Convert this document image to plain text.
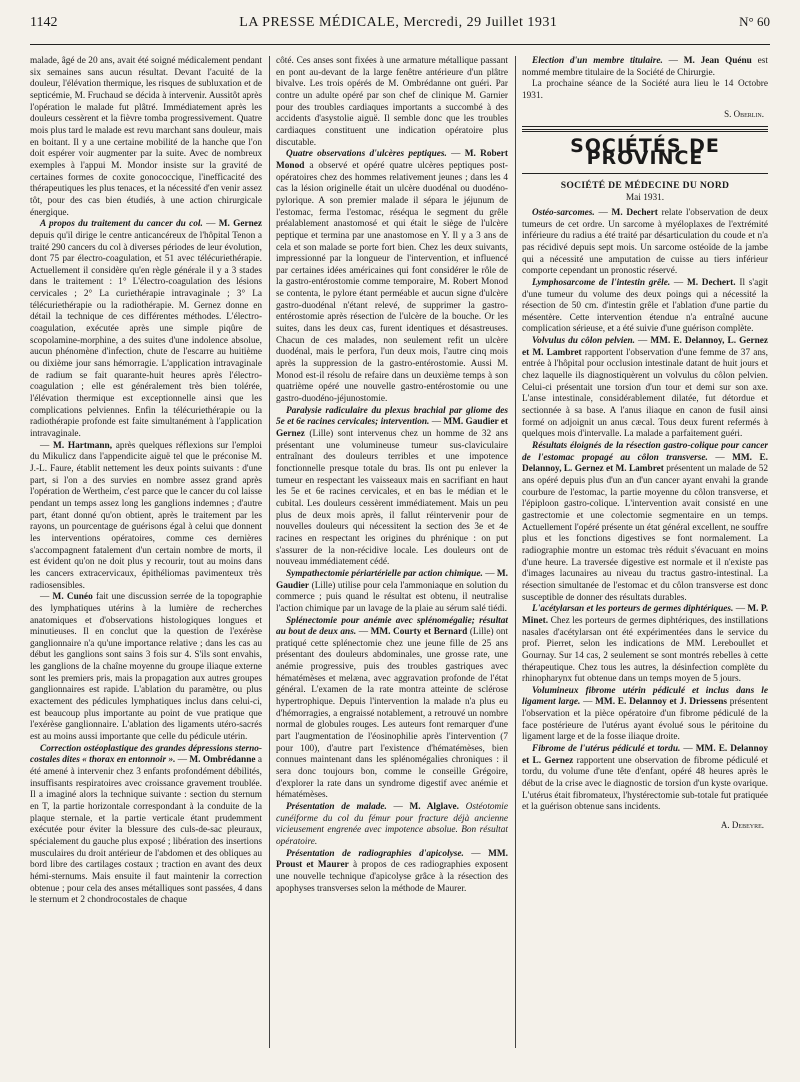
1142	LA PRESSE MÉDICALE, Mercredi, 29 Juillet 1931	N° 60

malade, âgé de 20 ans, avait été soigné médicalement pendant six semaines sans aucun résultat. Devant l'acuité de la douleur, l'élévation thermique, les risques de subluxation et de septicémie, M. Fruchaud se décida à intervenir. Aussitôt après l'opération le malade fut plâtré. Immédiatement après les douleurs cessèrent et la fièvre tomba progressivement. Quatre mois plus tard le malade est revu marchant sans douleur, mais en boitant. Il y a une certaine mobilité de la hanche que l'on doit espérer voir augmenter par la suite. Avec de nombreux exemples à l'appui M. Mondor insiste sur la gravité de certaines formes de coxite gonococcique, l'inefficacité des thérapeutiques les plus tenaces, et la nécessité d'en venir assez tôt, pour des cas bien étudiés, à une action chirurgicale énergique.

A propos du traitement du cancer du col. — M. Gernez depuis qu'il dirige le centre anticancéreux de l'hôpital Tenon a traité 290 cancers du col à diverses périodes de leur évolution, dont 75 par électro-coagulation, et 51 avec télécuriethérapie. Actuellement il considère qu'en règle générale il y a 3 stades dans le traitement : 1° L'électro-coagulation des lésions cervicales ; 2° La curiethérapie intravaginale ; 3° La télécuriethérapie ou la radiothérapie. M. Gernez donne en détail la technique de ces différentes méthodes. L'électro-coagulation, exécutée après une simple piqûre de scopolamine-morphine, a des suites d'une indolence absolue, aucun phénomène d'infection, chute de l'escarre au huitième ou dixième jour sans hémorragie. L'application intravaginale de radium se fait quarante-huit heures après l'électro-coagulation ; elle est généralement très bien tolérée, l'élévation thermique est exceptionnelle ainsi que les complications pelviennes. Enfin la télécuriethérapie ou la radiothérapie profonde est faite simultanément à l'application intravaginale.

— M. Hartmann, après quelques réflexions sur l'emploi du Mikulicz dans l'appendicite aiguë tel que le préconise M. J.-L. Faure, établit nettement les deux points suivants : d'une part, si l'on a des survies en nombre assez grand après l'opération de Wertheim, c'est parce que le cancer du col laisse pendant un temps assez long les ganglions indemnes ; d'autre part, étant donné qu'on obtient, après le traitement par les rayons, un pourcentage de guérisons égal à celui que donnent les interventions opératoires, comme ces dernières s'accompagnent fatalement d'un certain nombre de morts, il est évident qu'on ne doit plus y recourir, tout au moins dans les cancers extracervicaux, épithéliomas pavimenteux très radiosensibles.

— M. Cunéo fait une discussion serrée de la topographie des lymphatiques utérins à la lumière de recherches anatomiques et d'observations histologiques longues et minutieuses. Il en conclut que la question de l'exérèse ganglionnaire n'a qu'une importance relative ; dans les cas au début les ganglions sont sains 3 fois sur 4. S'ils sont envahis, les ganglions de la chaîne moyenne du groupe iliaque externe sont les premiers pris, mais la propagation aux autres groupes ganglionnaires est rapide. L'ablation du paramètre, ou plus exactement des pédicules lymphatiques inclus dans celui-ci, est beaucoup plus importante au point de vue pratique que l'exérèse ganglionnaire. L'ablation des ligaments utéro-sacrés est au moins aussi importante que celle du pédicule utérin.

Correction ostéoplastique des grandes dépressions sterno-costales dites « thorax en entonnoir ». — M. Ombrédanne a été amené à intervenir chez 3 enfants profondément débilités, insuffisants respiratoires avec croissance gravement troublée. Il a imaginé alors la technique suivante : section du sternum en T, la partie horizontale correspondant à la conduite de la plaque sternale, et la partie verticale étant prudemment exécutée pour éviter la blessure des culs-de-sac pleuraux, spécialement du gauche plus exposé ; libération des insertions musculaires du droit antérieur de l'abdomen et des obliques au bord libre des cartilages costaux ; traction en avant des deux hémi-sternums. Mais ensuite il faut maintenir la correction obtenue ; pour cela des anses métalliques sont passées, 4 dans le sternum et 2 chondrocostales de chaque

côté. Ces anses sont fixées à une armature métallique passant en pont au-devant de la large fenêtre antérieure d'un plâtre bivalve. Les trois opérés de M. Ombrédanne ont guéri. Par contre un adulte opéré par son chef de clinique M. Garnier pour des troubles cardiaques importants a succombé à des accidents d'asystolie aiguë. Il semble donc que les troubles cardiaques constituent une indication opératoire plus discutable.

Quatre observations d'ulcères peptiques. — M. Robert Monod a observé et opéré quatre ulcères peptiques post-opératoires chez des hommes relativement jeunes ; dans les 4 cas la lésion originelle était un ulcère duodénal ou duodéno-pylorique. A son premier malade il sépara le jéjunum de l'estomac, ferma l'estomac, réséqua le segment du grêle préalablement anastomosé et qui était le siège de l'ulcère peptique et termina par une anastomose en Y. Il y a 3 ans de cela et son malade se porte fort bien. Chez les deux suivants, impressionné par la longueur de l'intervention, et influencé par certaines idées américaines qui font considérer le rôle de la gastro-entérostomie comme temporaire, M. Robert Monod se contenta, le pylore étant perméable et aucun signe d'ulcère gastro-duodénal n'étant relevé, de supprimer la gastro-entérostomie après résection de l'ulcère de la bouche. Or les suites, dans les deux cas, furent identiques et désastreuses. Chacun de ces malades, non seulement refit un ulcère duodénal, mais le perfora, l'un deux mois, l'autre cinq mois après la suppression de la gastro-entérostomie. Aussi M. Monod est-il résolu de refaire dans un deuxième temps à son quatrième opéré une nouvelle gastro-entérostomie ou une gastro-duodéno-jéjunostomie.

Paralysie radiculaire du plexus brachial par gliome des 5e et 6e racines cervicales; intervention. — MM. Gaudier et Gernez (Lille) sont intervenus chez un homme de 32 ans présentant une volumineuse tumeur sus-claviculaire entraînant des douleurs terribles et une impotence fonctionnelle presque totale du bras. Ils ont pu enlever la tumeur en respectant les vaisseaux mais en sacrifiant en haut les 5e et 6e racines cervicales, et en bas le médian et le cubital. Les douleurs cessèrent immédiatement. Mais un peu plus de deux mois après, il fallut réintervenir pour de nouvelles douleurs qui nécessitent la section des 3e et 4e racines en respectant les origines du phrénique : on put s'assurer de la non-récidive locale. Les douleurs ont de nouveau immédiatement cédé.

Sympathectomie périartérielle par action chimique. — M. Gaudier (Lille) utilise pour cela l'ammoniaque en solution du commerce ; puis quand le résultat est obtenu, il neutralise l'action chimique par un lavage de la plaie au sérum salé tiédi.

Splénectomie pour anémie avec splénomégalie; résultat au bout de deux ans. — MM. Courty et Bernard (Lille) ont pratiqué cette splénectomie chez une jeune fille de 25 ans présentant des douleurs abdominales, une grosse rate, une anémie progressive, puis des troubles gastriques avec hématémèses et melæna, avec aggravation profonde de l'état général. L'examen de la rate montra atteinte de sclérose hypertrophique. Depuis l'intervention la malade n'a plus eu d'hémorragies, a engraissé notablement, a retrouvé un nombre normal de globules rouges. Les auteurs font remarquer d'une part l'augmentation de l'éosinophilie après l'intervention (7 pour 100), d'autre part l'existence d'hématémèses, bien connues maintenant dans les splénomégalies chroniques : il sera donc toujours bon, comme le conseille Grégoire, d'explorer la rate dans un syndrome digestif avec anémie et hématémèses.

Présentation de malade. — M. Alglave. Ostéotomie cunéiforme du col du fémur pour fracture déjà ancienne vicieusement engrenée avec impotence absolue. Bon résultat opératoire.

Présentation de radiographies d'apicolyse. — MM. Proust et Maurer à propos de ces radiographies exposent une nouvelle technique d'apicolyse grâce à la résection des apophyses transverses selon la méthode de Maurer.

Election d'un membre titulaire. — M. Jean Quénu est nommé membre titulaire de la Société de Chirurgie.

La prochaine séance de la Société aura lieu le 14 Octobre 1931.

S. Oberlin.
SOCIÉTÉS DE PROVINCE
SOCIÉTÉ DE MÉDECINE DU NORD
Mai 1931.

Ostéo-sarcomes. — M. Dechert relate l'observation de deux tumeurs de cet ordre. Un sarcome à myéloplaxes de l'extrémité inférieure du radius a été traité par désarticulation du coude et n'a pas récidivé depuis sept mois. Un sarcome ostéoïde de la jambe qui a nécessité une amputation de cuisse au tiers inférieur comporte cependant un pronostic réservé.

Lymphosarcome de l'intestin grêle. — M. Dechert. Il s'agit d'une tumeur du volume des deux poings qui a nécessité la résection de 50 cm. d'intestin grêle et l'ablation d'une partie du mésentère. Cette intervention étendue n'a entraîné aucune complication sérieuse, et a été suivie d'une guérison complète.

Volvulus du côlon pelvien. — MM. E. Delannoy, L. Gernez et M. Lambret rapportent l'observation d'une femme de 37 ans, entrée à l'hôpital pour occlusion intestinale datant de huit jours et chez laquelle ils diagnostiquèrent un volvulus du côlon pelvien. Celui-ci présentait une torsion d'un tour et demi sur son axe. L'anse intestinale, considérablement dilatée, fut détordue et sectionnée à sa base. A l'anus iliaque en canon de fusil ainsi formé on adjoignit un anus cæcal. Tous deux furent refermés à quelques mois d'intervalle. La malade a parfaitement guéri.

Résultats éloignés de la résection gastro-colique pour cancer de l'estomac propagé au côlon transverse. — MM. E. Delannoy, L. Gernez et M. Lambret présentent un malade de 52 ans opéré depuis plus d'un an d'un cancer ayant envahi la grande courbure de l'estomac, la partie moyenne du côlon transverse, et l'épiploon gastro-colique. L'intervention avait consisté en une gastrectomie et une colectomie segmentaire en un temps. Actuellement l'opéré présente un état général excellent, ne souffre plus et les fonctions digestives se font normalement. La radiographie montre un estomac très réduit s'évacuant en moins d'une heure. La traversée digestive est normale et il n'existe pas d'images lacunaires au niveau du tractus gastro-intestinal. La résection simultanée de l'estomac et du côlon transverse est donc susceptible de donner des résultats durables.

L'acétylarsan et les porteurs de germes diphtériques. — M. P. Minet. Chez les porteurs de germes diphtériques, des instillations nasales d'acétylarsan ont été expérimentées dans le service du prof. Pierret, selon les indications de MM. Lereboullet et Gournay. Sur 14 cas, 2 seulement se sont montrés rebelles à cette thérapeutique. Chez tous les autres, la désinfection complète du rhinopharynx fut obtenue dans un temps moyen de 5 jours.

Volumineux fibrome utérin pédiculé et inclus dans le ligament large. — MM. E. Delannoy et J. Driessens présentent l'observation et la pièce opératoire d'un fibrome pédiculé de la face postérieure de l'utérus ayant évolué sous le péritoine du ligament large et de la fosse iliaque droite.

Fibrome de l'utérus pédiculé et tordu. — MM. E. Delannoy et L. Gernez rapportent une observation de fibrome pédiculé et tordu, du volume d'une tête d'enfant, opéré 48 heures après le début de la crise avec le diagnostic de torsion d'un kyste ovarique. L'utérus était fibromateux, l'hystérectomie sub-totale fut pratiquée et la guérison obtenue sans incidents.

A. Debeyre.
